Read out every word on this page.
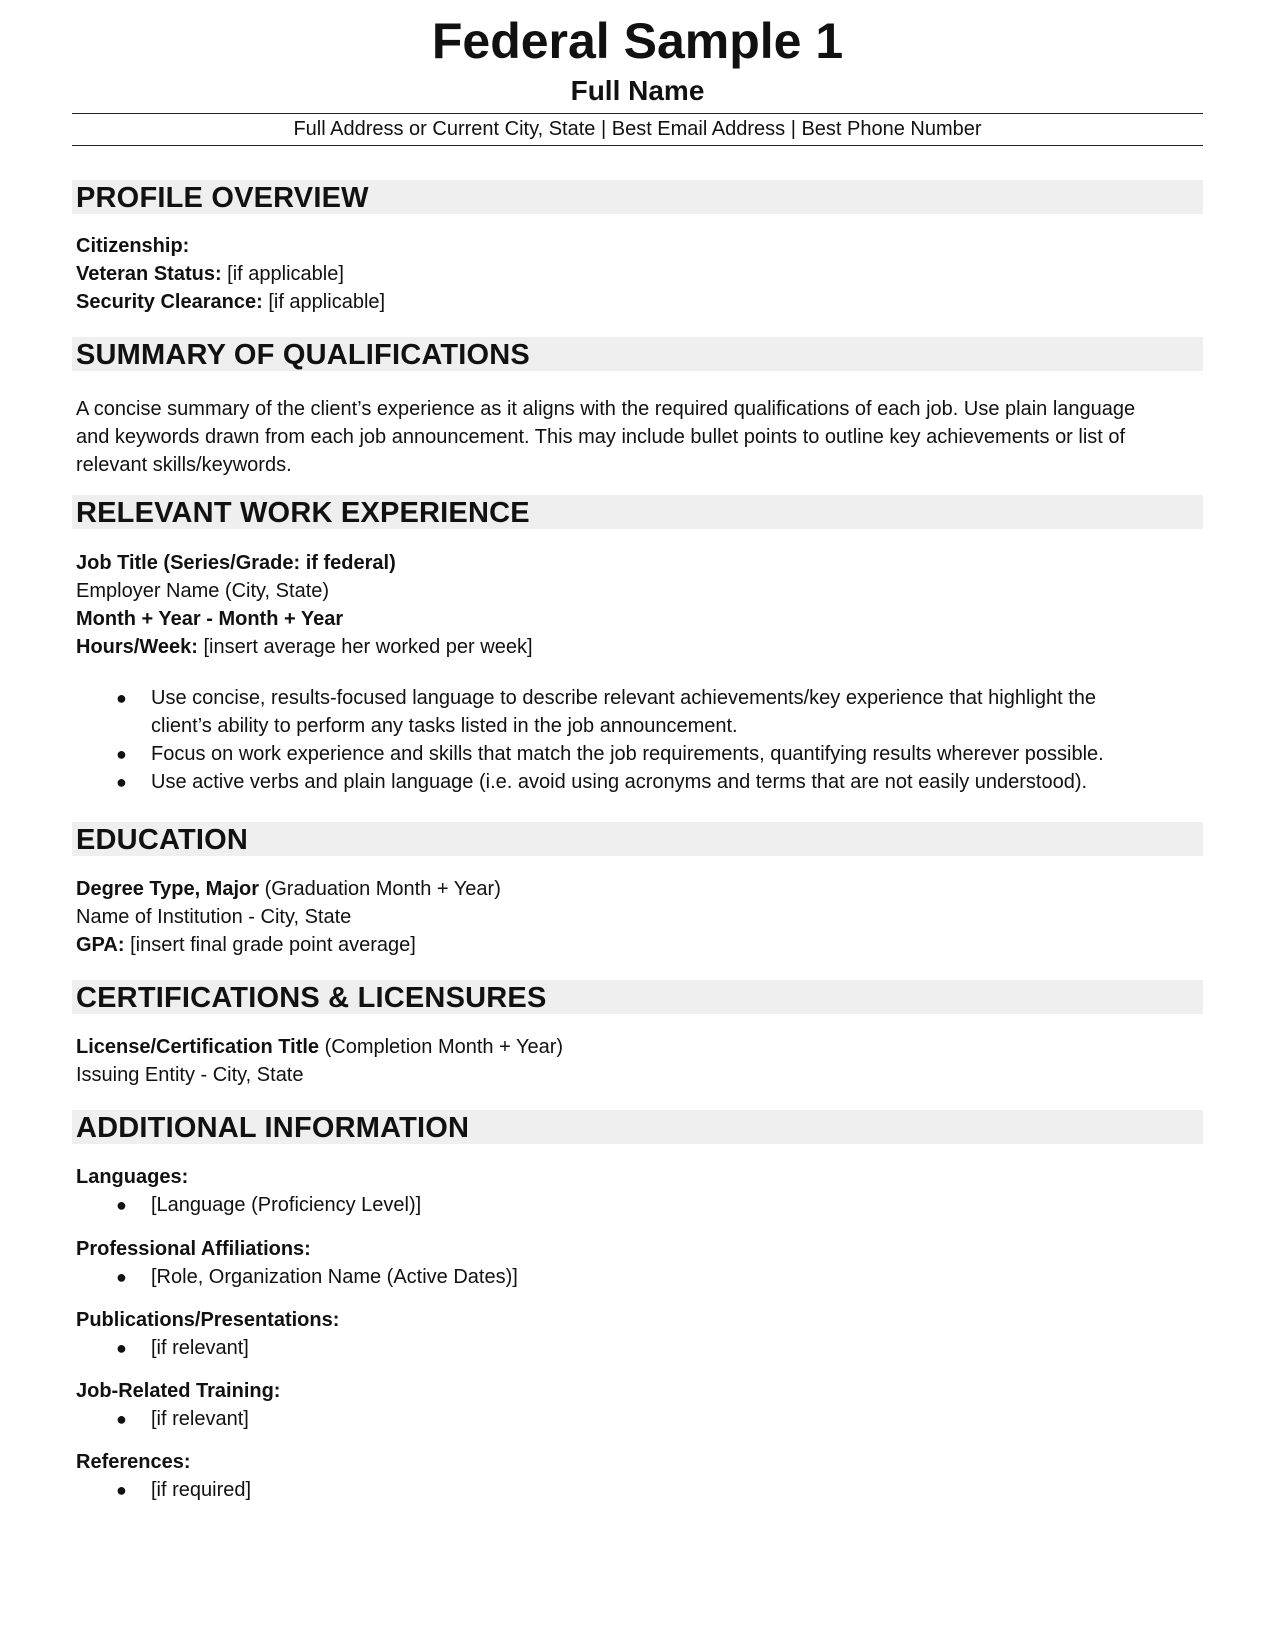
Federal Sample 1
Full Name
Full Address or Current City, State | Best Email Address | Best Phone Number
PROFILE OVERVIEW
Citizenship:
Veteran Status: [if applicable]
Security Clearance: [if applicable]
SUMMARY OF QUALIFICATIONS
A concise summary of the client’s experience as it aligns with the required qualifications of each job. Use plain language
and keywords drawn from each job announcement. This may include bullet points to outline key achievements or list of
relevant skills/keywords.
RELEVANT WORK EXPERIENCE
Job Title (Series/Grade: if federal)
Employer Name (City, State)
Month + Year - Month + Year
Hours/Week: [insert average her worked per week]
● Use concise, results-focused language to describe relevant achievements/key experience that highlight the
client’s ability to perform any tasks listed in the job announcement.
● Focus on work experience and skills that match the job requirements, quantifying results wherever possible.
● Use active verbs and plain language (i.e. avoid using acronyms and terms that are not easily understood).
EDUCATION
Degree Type, Major (Graduation Month + Year)
Name of Institution - City, State
GPA: [insert final grade point average]
CERTIFICATIONS & LICENSURES
License/Certification Title (Completion Month + Year)
Issuing Entity - City, State
ADDITIONAL INFORMATION
Languages:
● [Language (Proficiency Level)]
Professional Affiliations:
● [Role, Organization Name (Active Dates)]
Publications/Presentations:
● [if relevant]
Job-Related Training:
● [if relevant]
References:
● [if required]
